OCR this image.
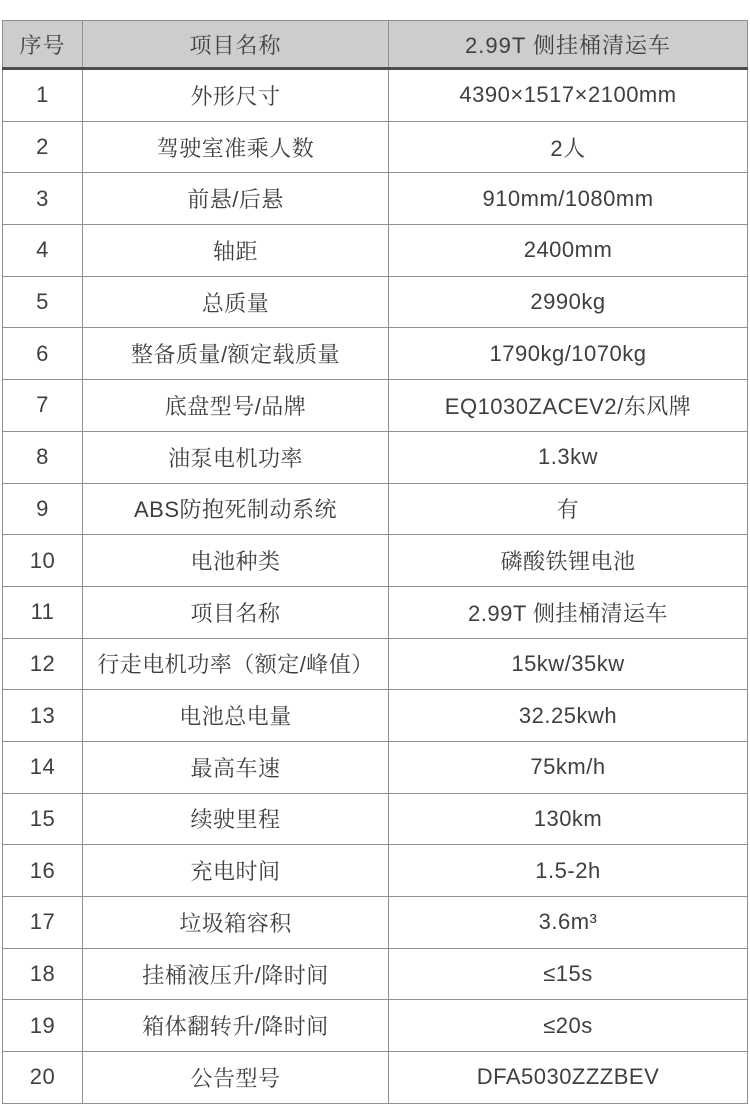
序号	项目名称	2.99T 侧挂桶清运车
1	外形尺寸	4390×1517×2100mm
2	驾驶室准乘人数	2人
3	前悬/后悬	910mm/1080mm
4	轴距	2400mm
5	总质量	2990kg
6	整备质量/额定载质量	1790kg/1070kg
7	底盘型号/品牌	EQ1030ZACEV2/东风牌
8	油泵电机功率	1.3kw
9	ABS防抱死制动系统	有
10	电池种类	磷酸铁锂电池
11	项目名称	2.99T 侧挂桶清运车
12	行走电机功率（额定/峰值）	15kw/35kw
13	电池总电量	32.25kwh
14	最高车速	75km/h
15	续驶里程	130km
16	充电时间	1.5-2h
17	垃圾箱容积	3.6m³
18	挂桶液压升/降时间	≤15s
19	箱体翻转升/降时间	≤20s
20	公告型号	DFA5030ZZZBEV
